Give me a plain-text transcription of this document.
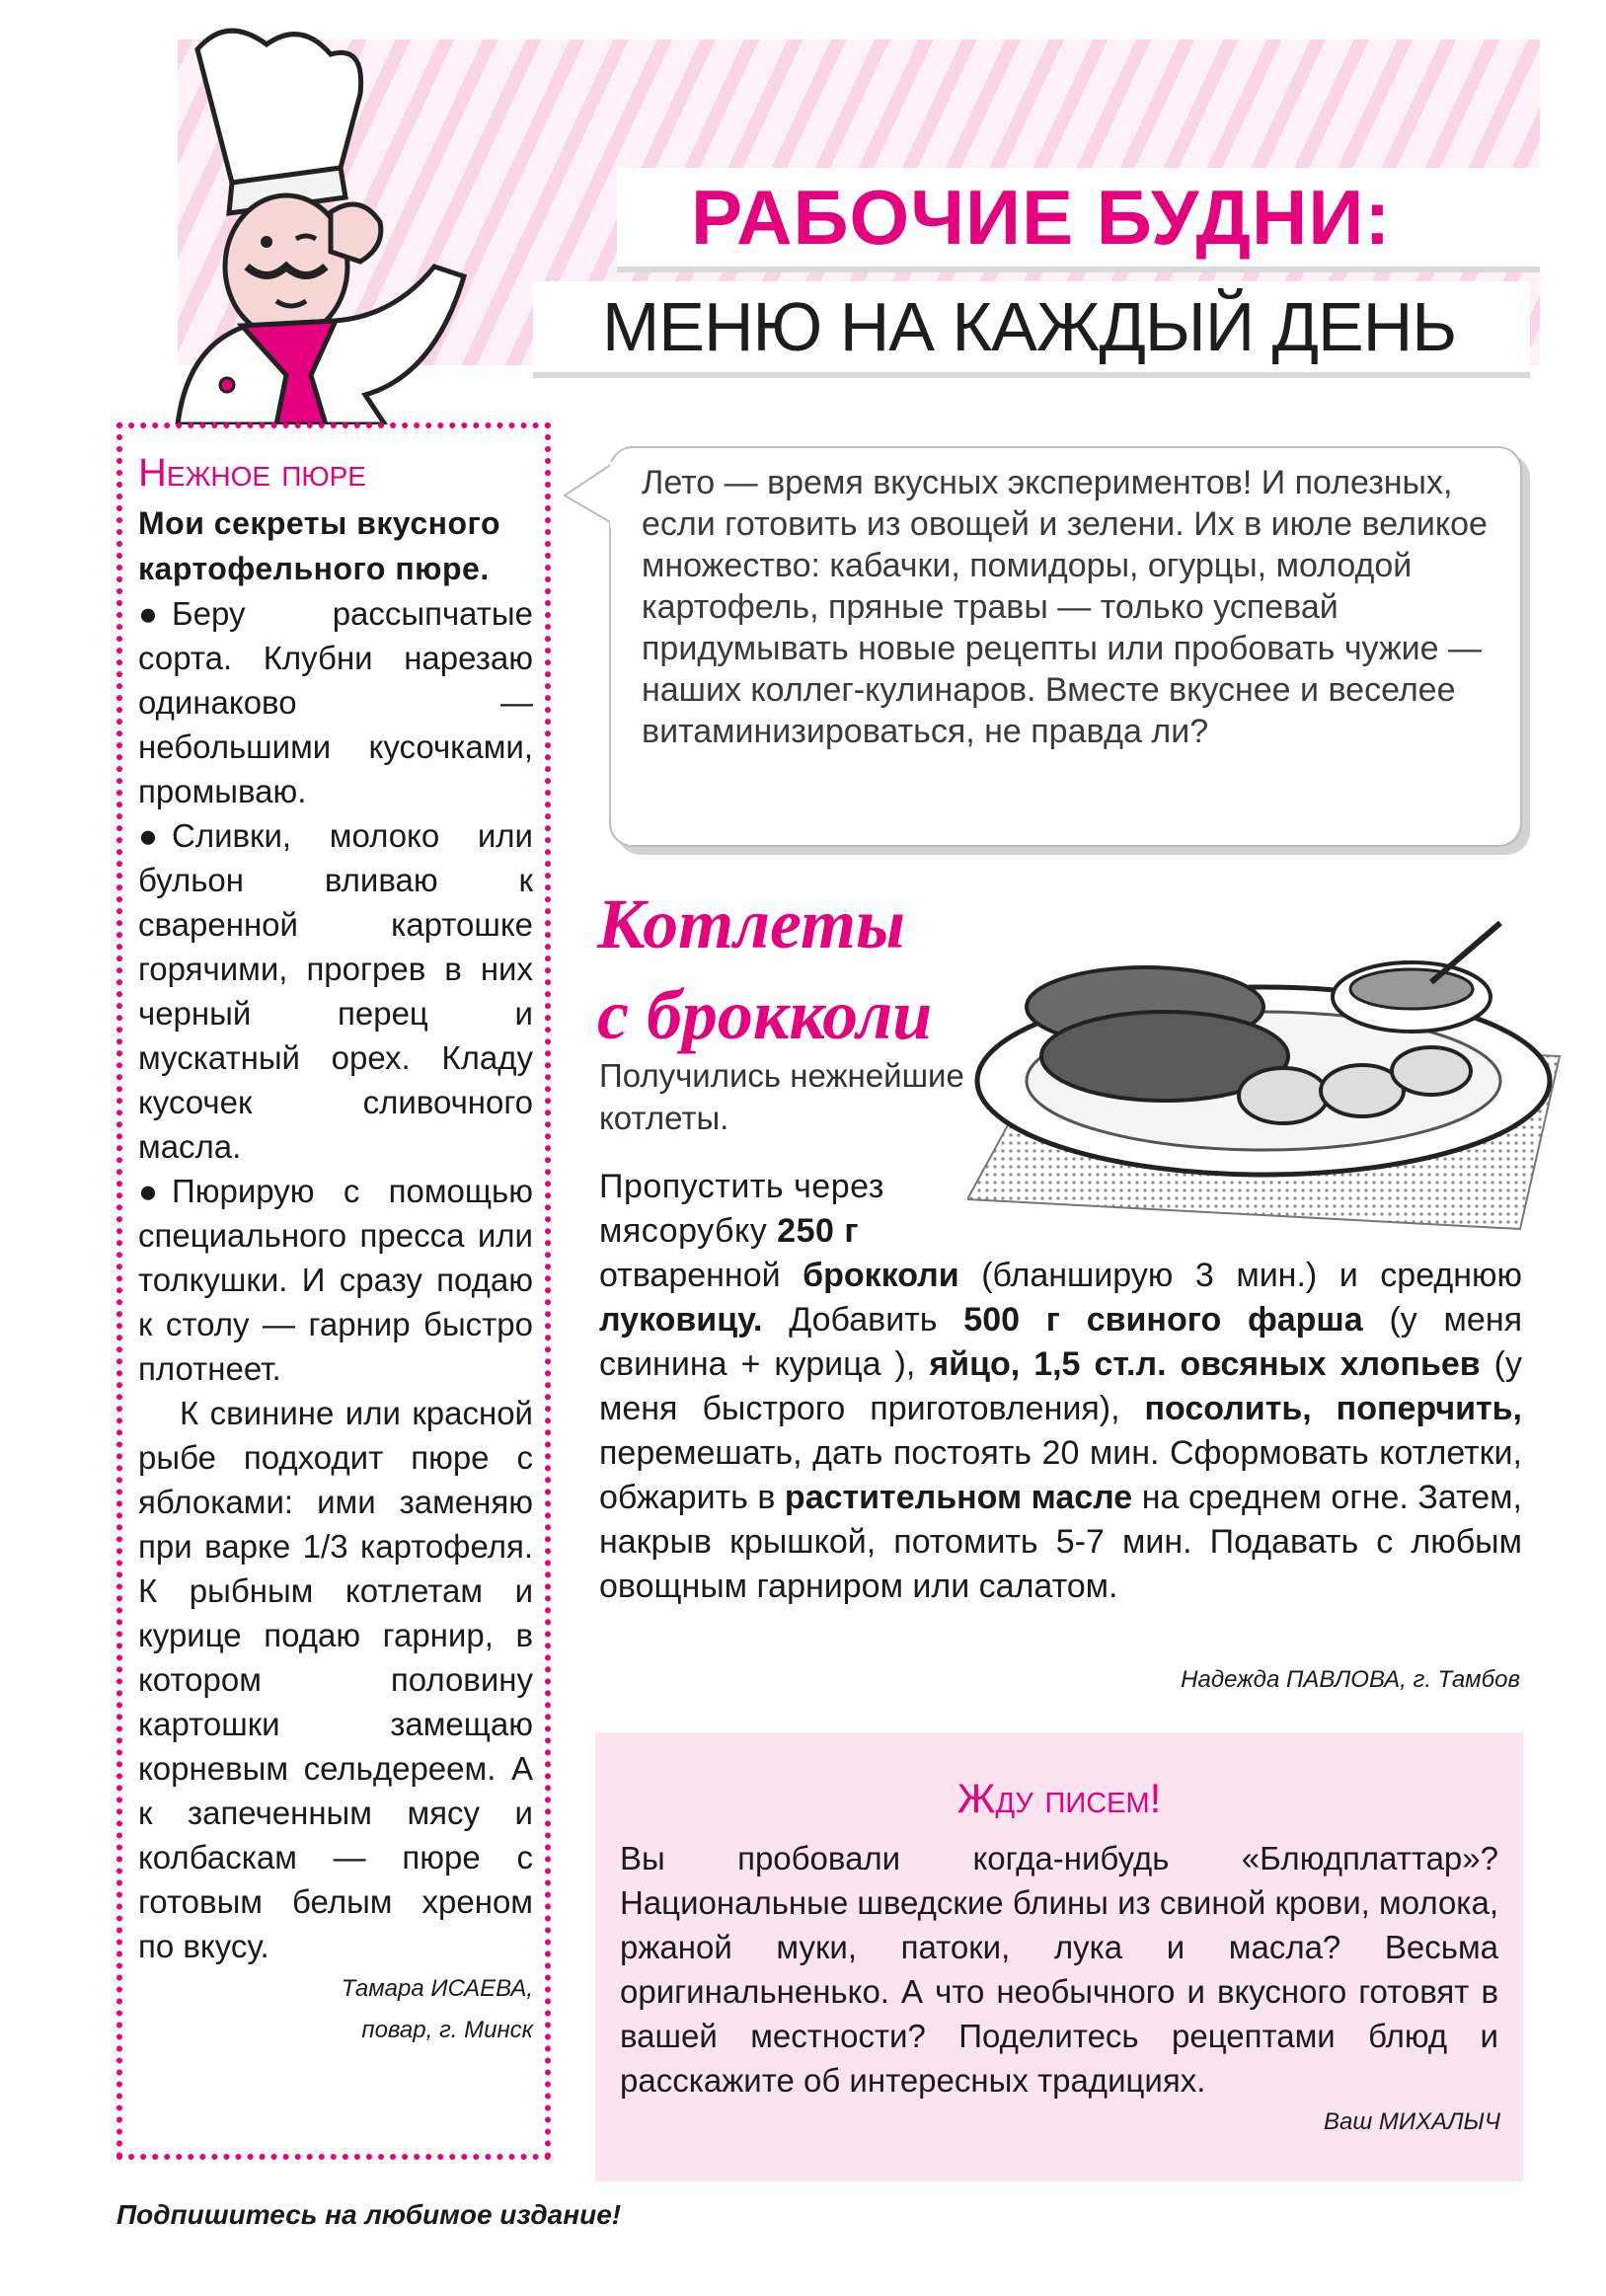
РАБОЧИЕ БУДНИ:
МЕНЮ НА КАЖДЫЙ ДЕНЬ

Нежное пюре

Мои секреты вкусного картофельного пюре.

● Беру рассыпчатые сорта. Клубни нарезаю одинаково — небольшими кусочками, промываю.

● Сливки, молоко или бульон вливаю к сваренной картошке горячими, прогрев в них черный перец и мускатный орех. Кладу кусочек сливочного масла.

● Пюрирую с помощью специального пресса или толкушки. И сразу подаю к столу — гарнир быстро плотнеет.

К свинине или красной рыбе подходит пюре с яблоками: ими заменяю при варке 1/3 картофеля. К рыбным котлетам и курице подаю гарнир, в котором половину картошки замещаю корневым сельдереем. А к запеченным мясу и колбаскам — пюре с готовым белым хреном по вкусу.

Тамара ИСАЕВА,

повар, г. Минск

Лето — время вкусных экспериментов! И полезных, если готовить из овощей и зелени. Их в июле великое множество: кабачки, помидоры, огурцы, молодой картофель, пряные травы — только успевай придумывать новые рецепты или пробовать чужие — наших коллег-кулинаров. Вместе вкуснее и веселее витаминизироваться, не правда ли?

Котлеты
с брокколи

Получились нежнейшие котлеты.

Пропустить через мясорубку 250 г

отваренной брокколи (бланширую 3 мин.) и среднюю луковицу. Добавить 500 г свиного фарша (у меня свинина + курица ), яйцо, 1,5 ст.л. овсяных хлопьев (у меня быстрого приготовления), посолить, поперчить, перемешать, дать постоять 20 мин. Сформовать котлетки, обжарить в растительном масле на среднем огне. Затем, накрыв крышкой, потомить 5-7 мин. Подавать с любым овощным гарниром или салатом.

Надежда ПАВЛОВА, г. Тамбов

Жду писем!

Вы пробовали когда-нибудь «Блюдплаттар»? Национальные шведские блины из свиной крови, молока, ржаной муки, патоки, лука и масла? Весьма оригинальненько. А что необычного и вкусного готовят в вашей местности? Поделитесь рецептами блюд и расскажите об интересных традициях.

Ваш МИХАЛЫЧ

Подпишитесь на любимое издание!
